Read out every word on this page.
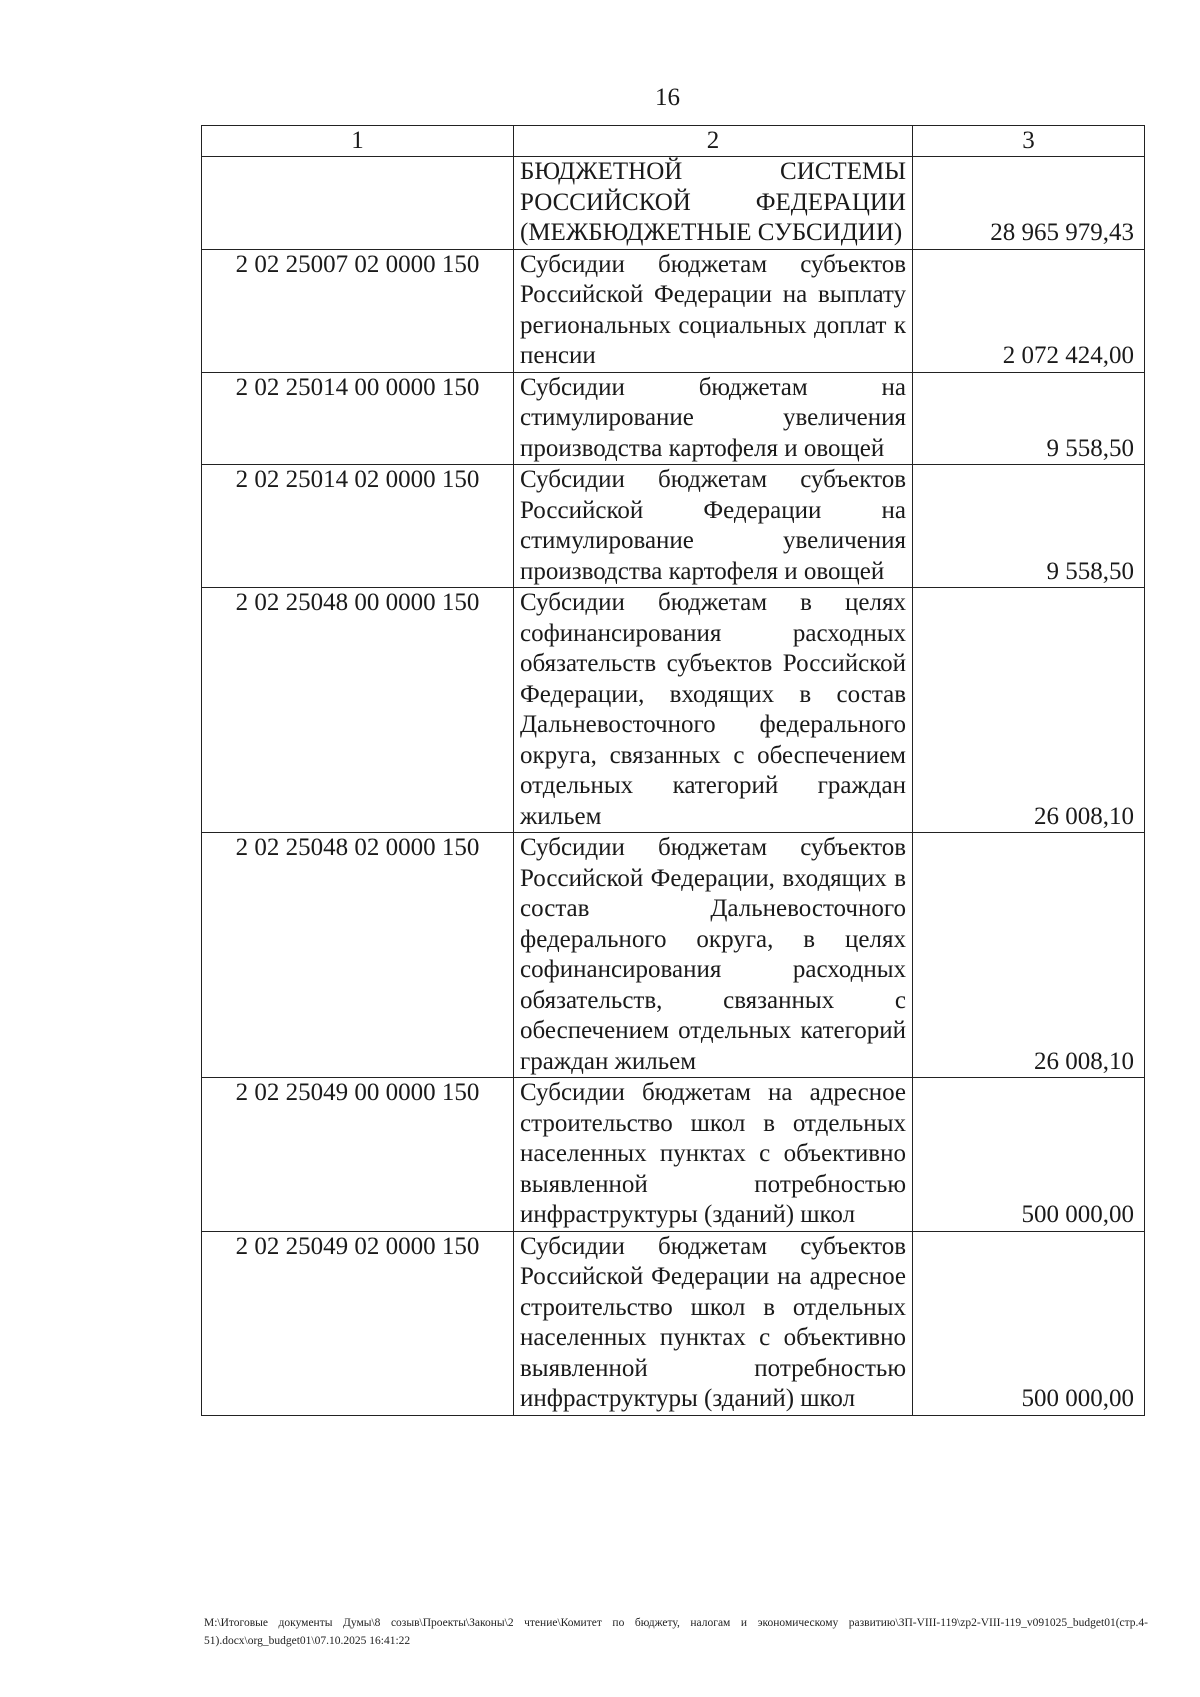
16
1	2	3
	БЮДЖЕТНОЙ СИСТЕМЫ РОССИЙСКОЙ ФЕДЕРАЦИИ (МЕЖБЮДЖЕТНЫЕ СУБСИДИИ)	28 965 979,43
2 02 25007 02 0000 150	Субсидии бюджетам субъектов Российской Федерации на выплату региональных социальных доплат к пенсии	2 072 424,00
2 02 25014 00 0000 150	Субсидии бюджетам на стимулирование увеличения производства картофеля и овощей	9 558,50
2 02 25014 02 0000 150	Субсидии бюджетам субъектов Российской Федерации на стимулирование увеличения производства картофеля и овощей	9 558,50
2 02 25048 00 0000 150	Субсидии бюджетам в целях софинансирования расходных обязательств субъектов Российской Федерации, входящих в состав Дальневосточного федерального округа, связанных с обеспечением отдельных категорий граждан жильем	26 008,10
2 02 25048 02 0000 150	Субсидии бюджетам субъектов Российской Федерации, входящих в состав Дальневосточного федерального округа, в целях софинансирования расходных обязательств, связанных с обеспечением отдельных категорий граждан жильем	26 008,10
2 02 25049 00 0000 150	Субсидии бюджетам на адресное строительство школ в отдельных населенных пунктах с объективно выявленной потребностью инфраструктуры (зданий) школ	500 000,00
2 02 25049 02 0000 150	Субсидии бюджетам субъектов Российской Федерации на адресное строительство школ в отдельных населенных пунктах с объективно выявленной потребностью инфраструктуры (зданий) школ	500 000,00
M:\Итоговые документы Думы\8 созыв\Проекты\Законы\2 чтение\Комитет по бюджету, налогам и экономическому развитию\ЗП-VIII-119\zp2-VIII-119_v091025_budget01(стр.4-51).docx\org_budget01\07.10.2025 16:41:22
